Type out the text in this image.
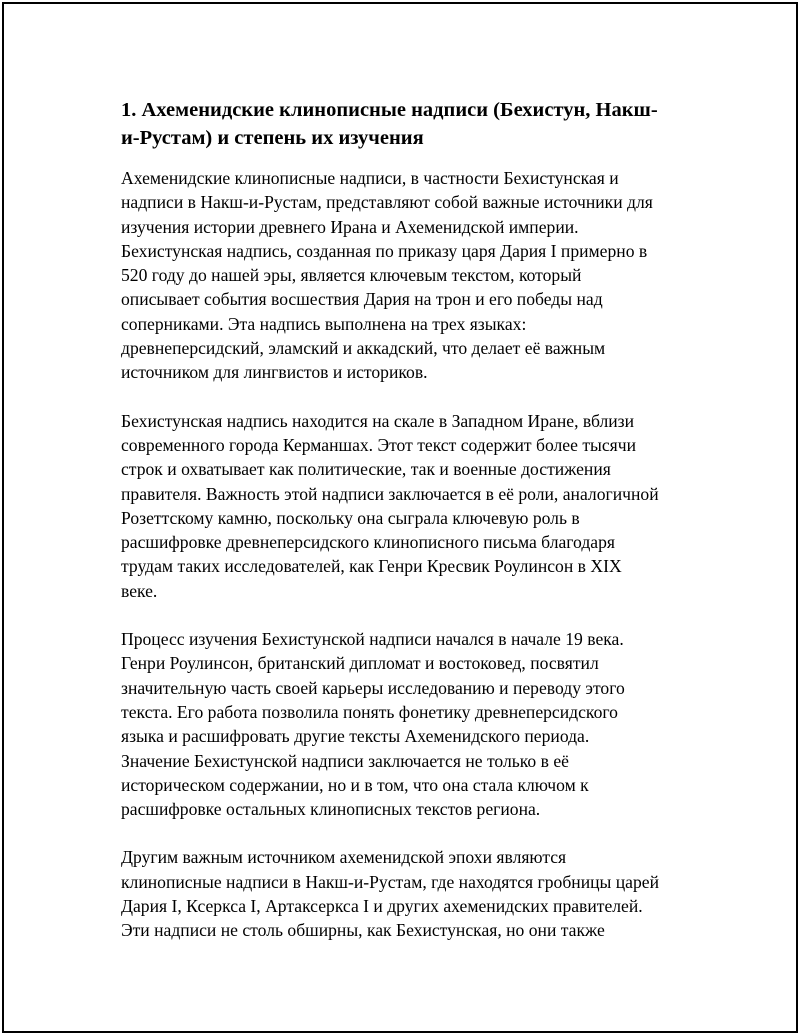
1. Ахеменидские клинописные надписи (Бехистун, Накш-
и-Рустам) и степень их изучения

Ахеменидские клинописные надписи, в частности Бехистунская и
надписи в Накш-и-Рустам, представляют собой важные источники для
изучения истории древнего Ирана и Ахеменидской империи.
Бехистунская надпись, созданная по приказу царя Дария I примерно в
520 году до нашей эры, является ключевым текстом, который
описывает события восшествия Дария на трон и его победы над
соперниками. Эта надпись выполнена на трех языках:
древнеперсидский, эламский и аккадский, что делает её важным
источником для лингвистов и историков.

Бехистунская надпись находится на скале в Западном Иране, вблизи
современного города Керманшах. Этот текст содержит более тысячи
строк и охватывает как политические, так и военные достижения
правителя. Важность этой надписи заключается в её роли, аналогичной
Розеттскому камню, поскольку она сыграла ключевую роль в
расшифровке древнеперсидского клинописного письма благодаря
трудам таких исследователей, как Генри Кресвик Роулинсон в XIX
веке.

Процесс изучения Бехистунской надписи начался в начале 19 века.
Генри Роулинсон, британский дипломат и востоковед, посвятил
значительную часть своей карьеры исследованию и переводу этого
текста. Его работа позволила понять фонетику древнеперсидского
языка и расшифровать другие тексты Ахеменидского периода.
Значение Бехистунской надписи заключается не только в её
историческом содержании, но и в том, что она стала ключом к
расшифровке остальных клинописных текстов региона.

Другим важным источником ахеменидской эпохи являются
клинописные надписи в Накш-и-Рустам, где находятся гробницы царей
Дария I, Ксеркса I, Артаксеркса I и других ахеменидских правителей.
Эти надписи не столь обширны, как Бехистунская, но они также
